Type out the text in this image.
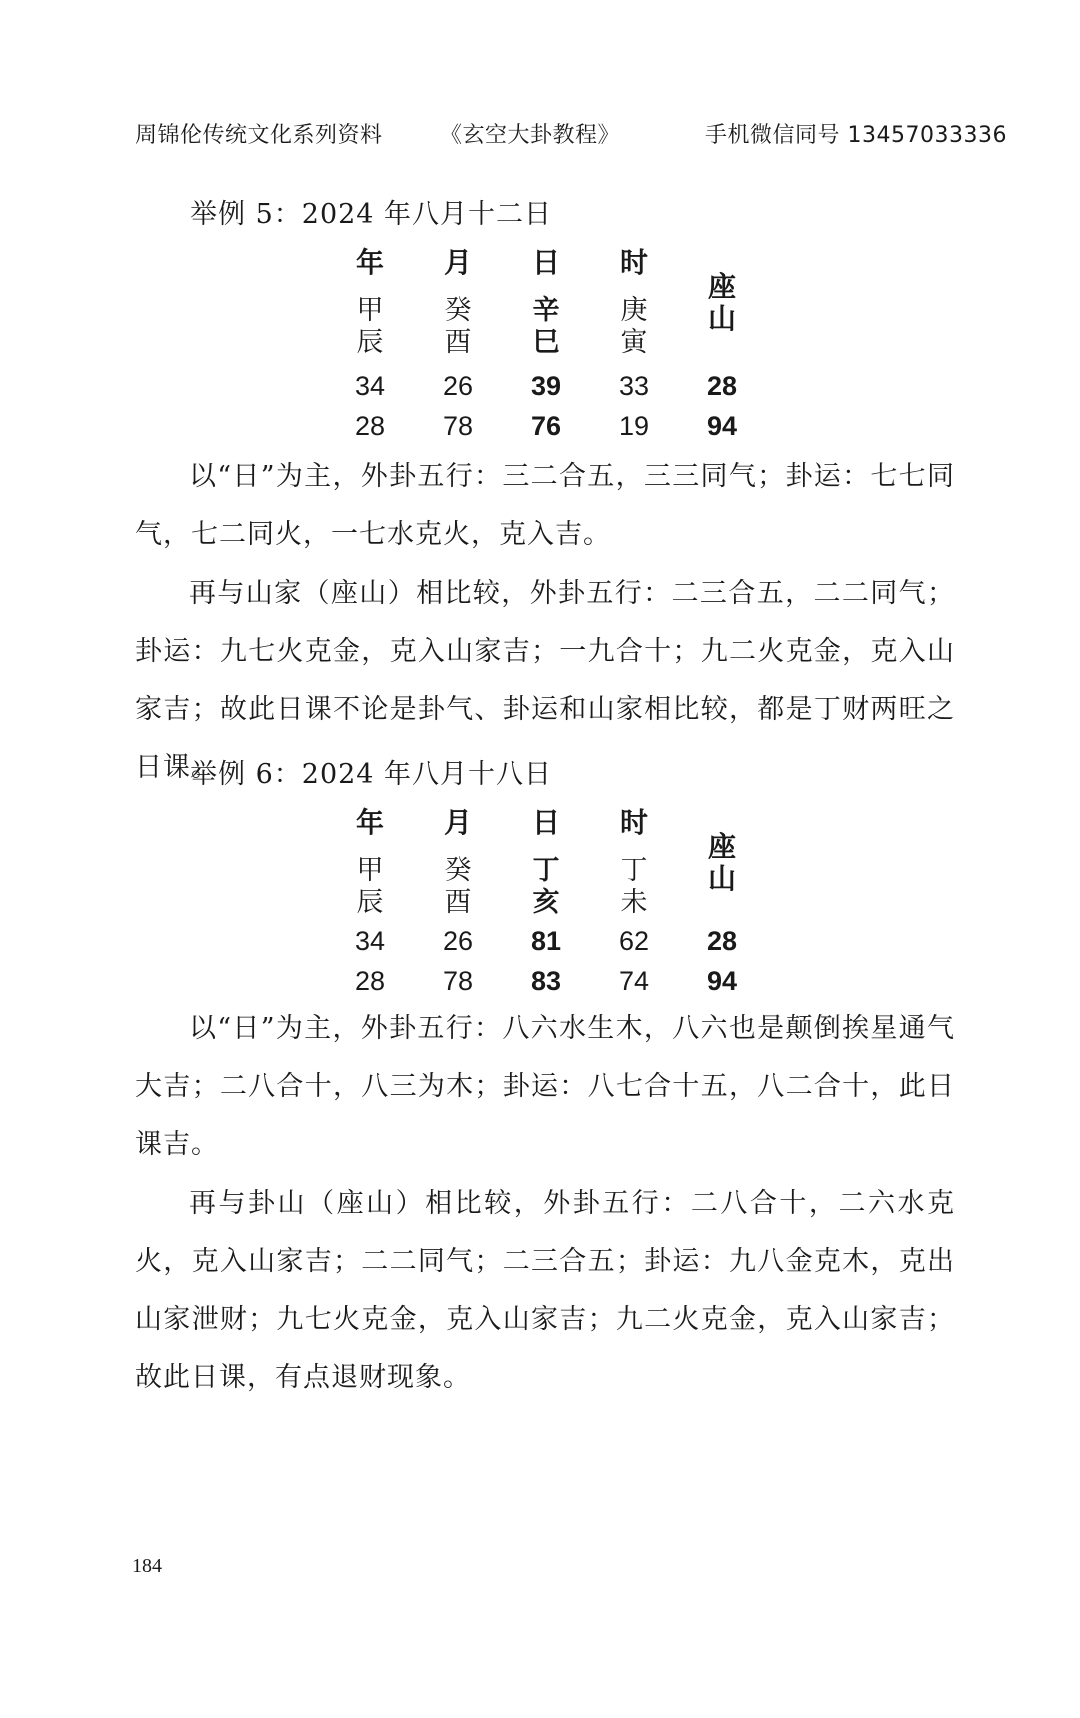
周锦伦传统文化系列资料	《玄空大卦教程》	手机微信同号 13457033336
举例 5：2024 年八月十二日
年	月	日	时
座
山
甲	癸	辛	庚
辰	酉	巳	寅
34	26	39	33	28
28	78	76	19	94
以“日”为主，外卦五行：三二合五，三三同气；卦运：七七同气，七二同火，一七水克火，克入吉。
再与山家（座山）相比较，外卦五行：二三合五，二二同气；卦运：九七火克金，克入山家吉；一九合十；九二火克金，克入山家吉；故此日课不论是卦气、卦运和山家相比较，都是丁财两旺之日课。
举例 6：2024 年八月十八日
年	月	日	时
座
山
甲	癸	丁	丁
辰	酉	亥	未
34	26	81	62	28
28	78	83	74	94
以“日”为主，外卦五行：八六水生木，八六也是颠倒挨星通气大吉；二八合十，八三为木；卦运：八七合十五，八二合十，此日课吉。
再与卦山（座山）相比较，外卦五行：二八合十，二六水克火，克入山家吉；二二同气；二三合五；卦运：九八金克木，克出山家泄财；九七火克金，克入山家吉；九二火克金，克入山家吉；故此日课，有点退财现象。
184
